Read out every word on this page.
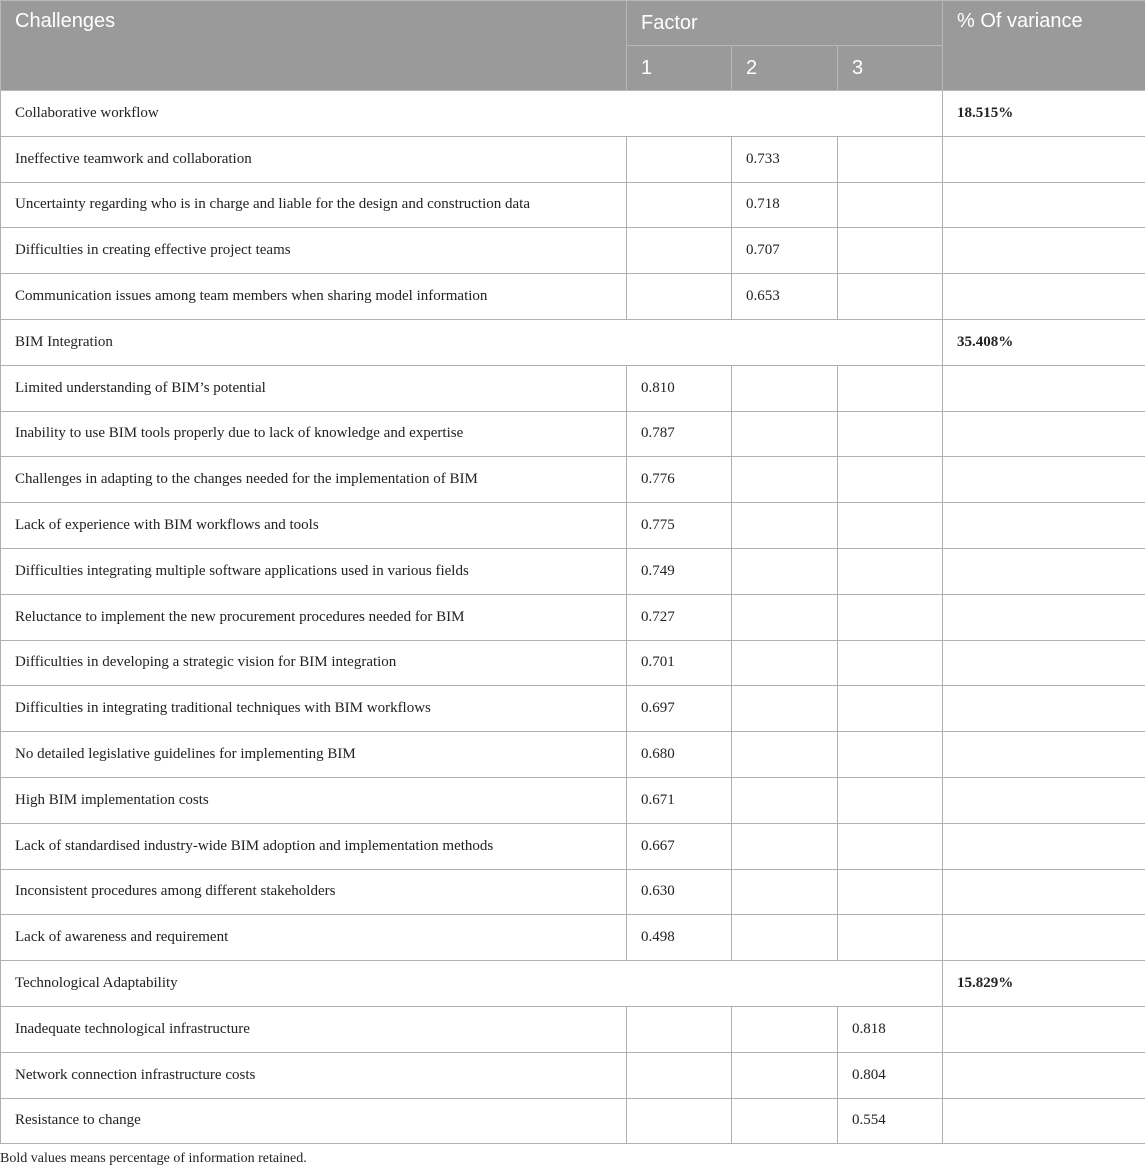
Challenges	Factor			% Of variance
	1	2	3	
Collaborative workflow				18.515%
Ineffective teamwork and collaboration		0.733		
Uncertainty regarding who is in charge and liable for the design and construction data		0.718		
Difficulties in creating effective project teams		0.707		
Communication issues among team members when sharing model information		0.653		
BIM Integration				35.408%
Limited understanding of BIM’s potential	0.810			
Inability to use BIM tools properly due to lack of knowledge and expertise	0.787			
Challenges in adapting to the changes needed for the implementation of BIM	0.776			
Lack of experience with BIM workflows and tools	0.775			
Difficulties integrating multiple software applications used in various fields	0.749			
Reluctance to implement the new procurement procedures needed for BIM	0.727			
Difficulties in developing a strategic vision for BIM integration	0.701			
Difficulties in integrating traditional techniques with BIM workflows	0.697			
No detailed legislative guidelines for implementing BIM	0.680			
High BIM implementation costs	0.671			
Lack of standardised industry-wide BIM adoption and implementation methods	0.667			
Inconsistent procedures among different stakeholders	0.630			
Lack of awareness and requirement	0.498			
Technological Adaptability				15.829%
Inadequate technological infrastructure			0.818	
Network connection infrastructure costs			0.804	
Resistance to change			0.554	
Bold values means percentage of information retained.
